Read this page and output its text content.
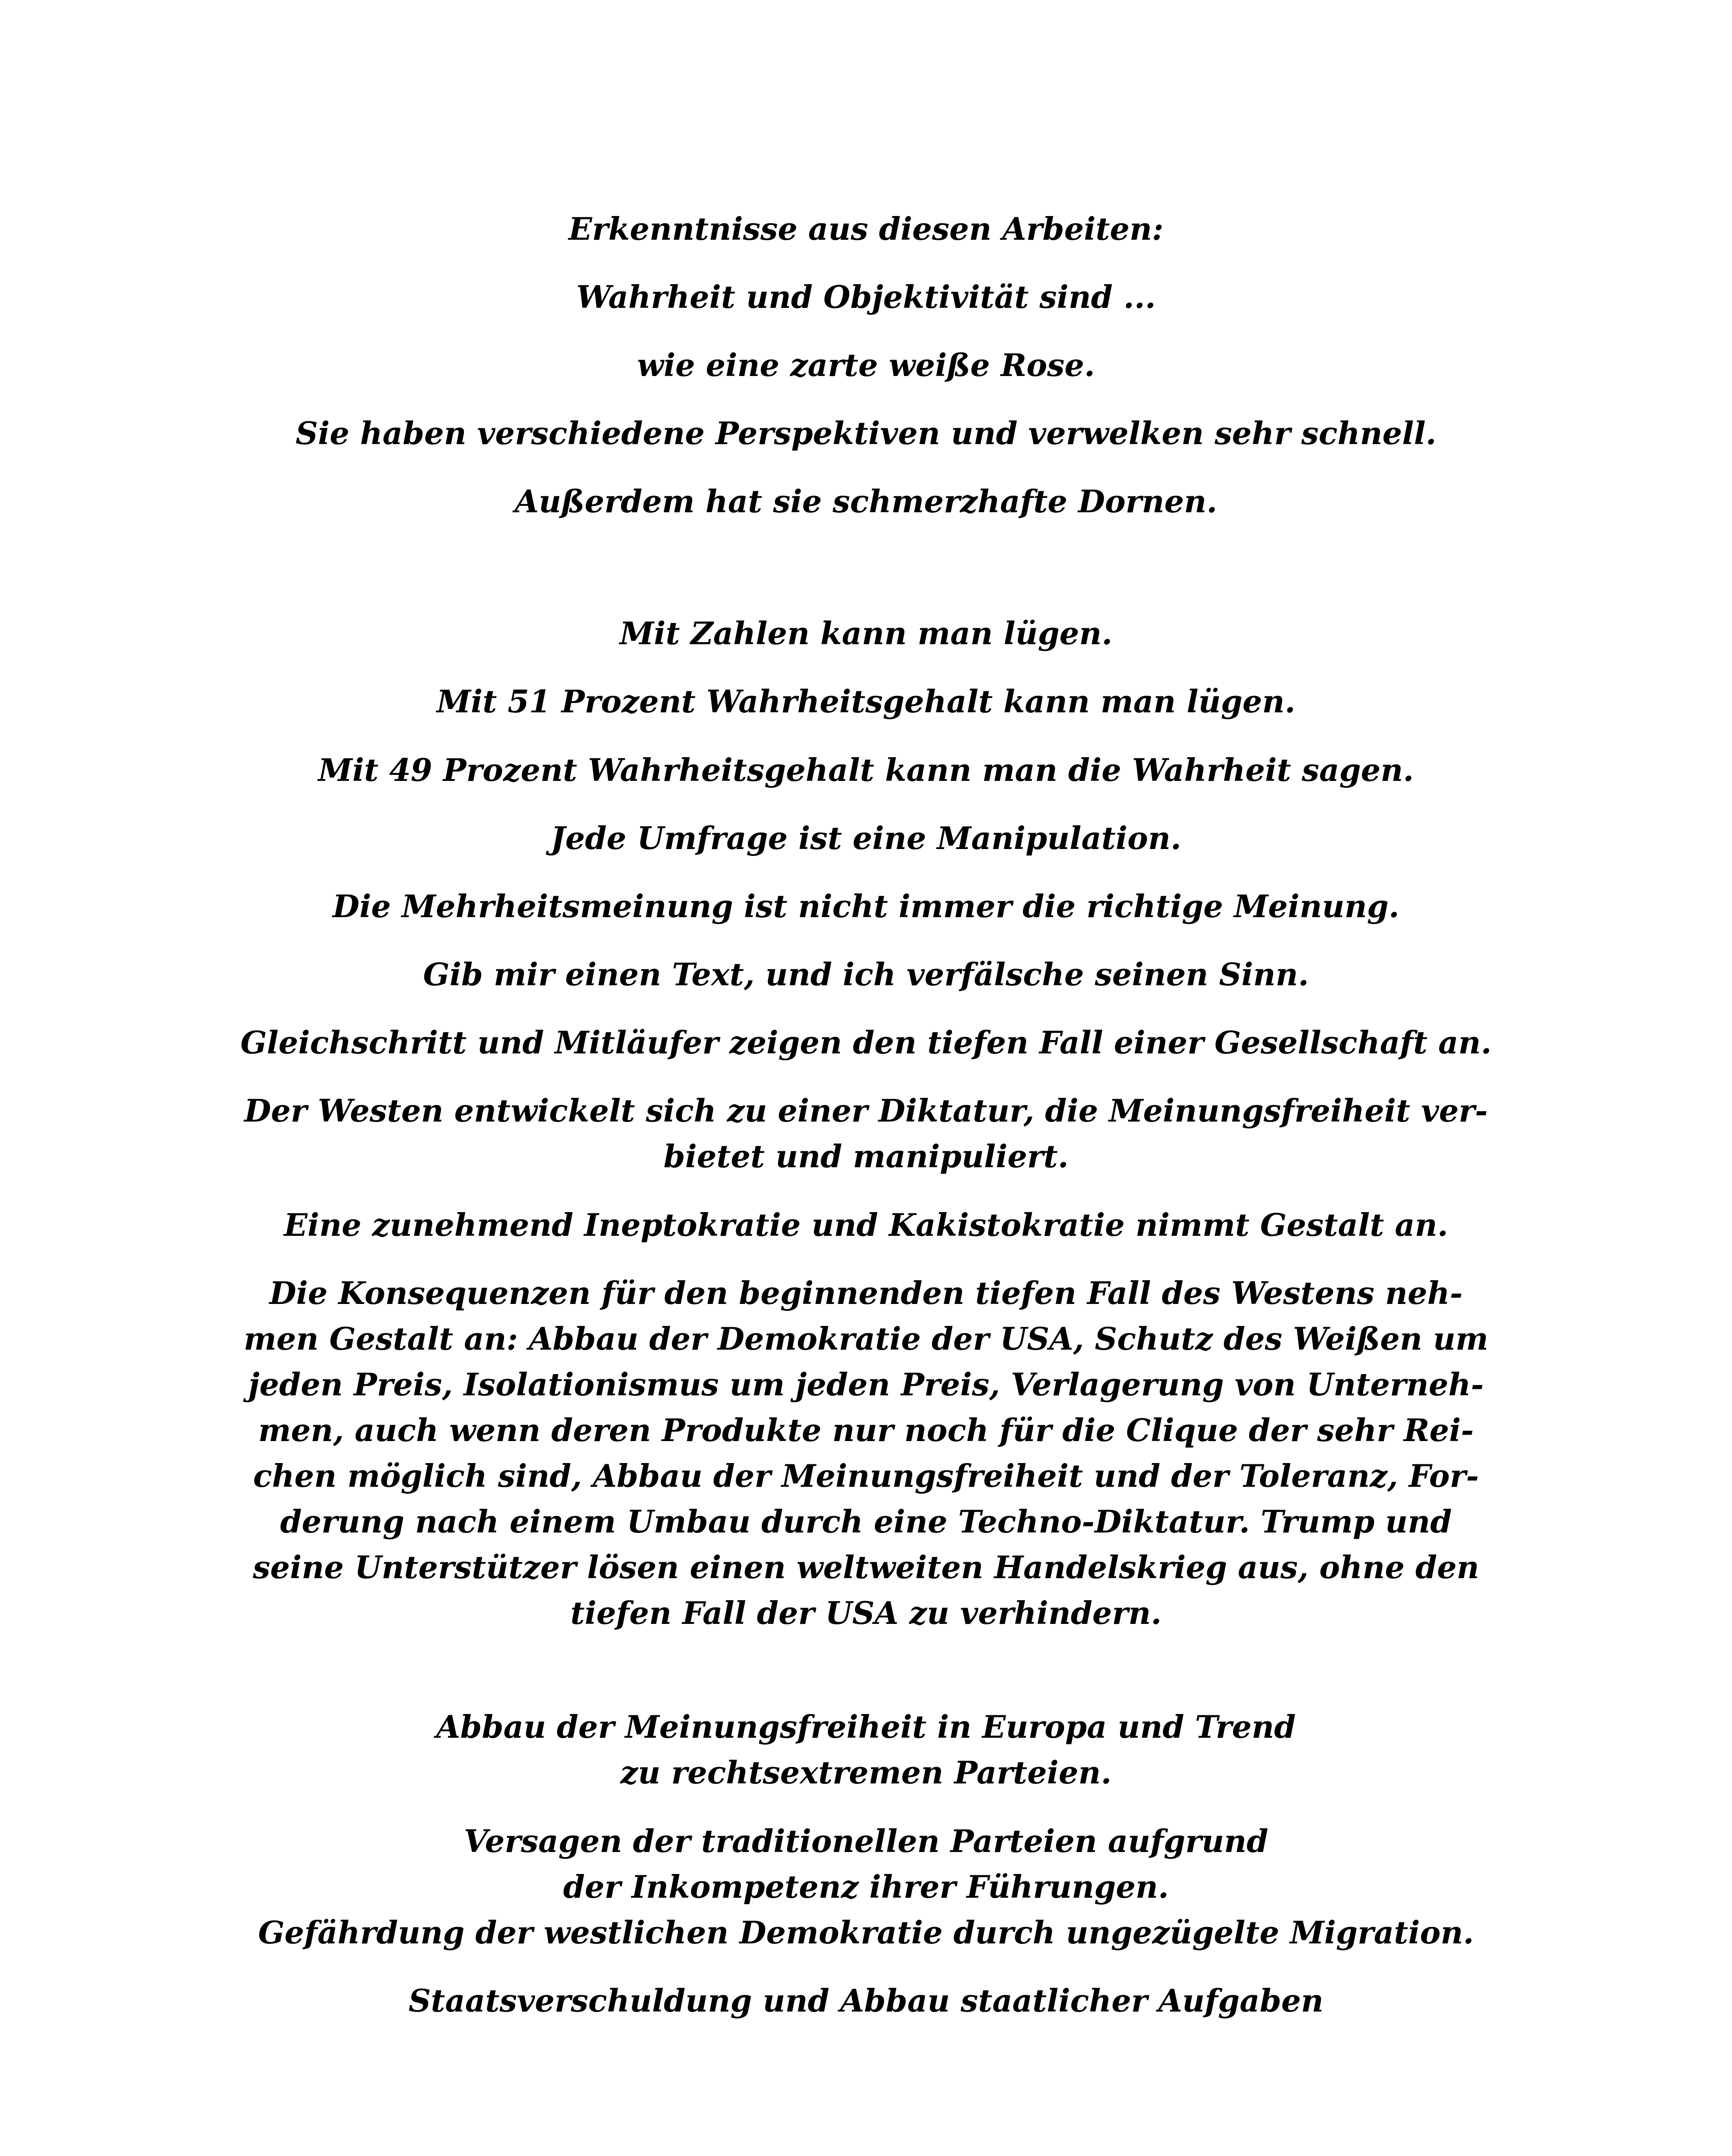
Erkenntnisse aus diesen Arbeiten:

Wahrheit und Objektivität sind ...

wie eine zarte weiße Rose.

Sie haben verschiedene Perspektiven und verwelken sehr schnell.

Außerdem hat sie schmerzhafte Dornen.

Mit Zahlen kann man lügen.

Mit 51 Prozent Wahrheitsgehalt kann man lügen.

Mit 49 Prozent Wahrheitsgehalt kann man die Wahrheit sagen.

Jede Umfrage ist eine Manipulation.

Die Mehrheitsmeinung ist nicht immer die richtige Meinung.

Gib mir einen Text, und ich verfälsche seinen Sinn.

Gleichschritt und Mitläufer zeigen den tiefen Fall einer Gesellschaft an.

Der Westen entwickelt sich zu einer Diktatur, die Meinungsfreiheit ver-

bietet und manipuliert.

Eine zunehmend Ineptokratie und Kakistokratie nimmt Gestalt an.

Die Konsequenzen für den beginnenden tiefen Fall des Westens neh-

men Gestalt an: Abbau der Demokratie der USA, Schutz des Weißen um

jeden Preis, Isolationismus um jeden Preis, Verlagerung von Unterneh-

men, auch wenn deren Produkte nur noch für die Clique der sehr Rei-

chen möglich sind, Abbau der Meinungsfreiheit und der Toleranz, For-

derung nach einem Umbau durch eine Techno-Diktatur. Trump und

seine Unterstützer lösen einen weltweiten Handelskrieg aus, ohne den

tiefen Fall der USA zu verhindern.

Abbau der Meinungsfreiheit in Europa und Trend

zu rechtsextremen Parteien.

Versagen der traditionellen Parteien aufgrund

der Inkompetenz ihrer Führungen.

Gefährdung der westlichen Demokratie durch ungezügelte Migration.

Staatsverschuldung und Abbau staatlicher Aufgaben
